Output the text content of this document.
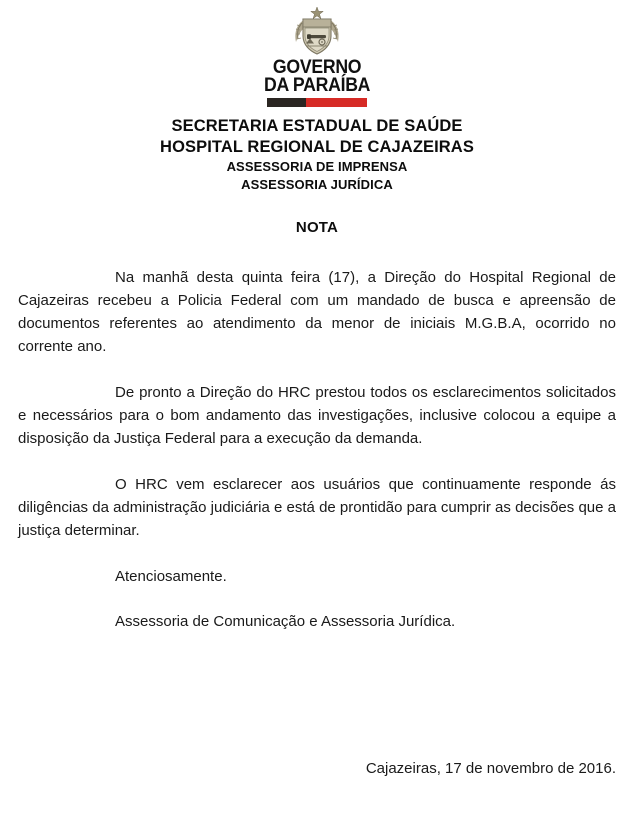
GOVERNO
DA PARAÍBA
SECRETARIA ESTADUAL DE SAÚDE
HOSPITAL REGIONAL DE CAJAZEIRAS
ASSESSORIA DE IMPRENSA
ASSESSORIA JURÍDICA
NOTA

Na manhã desta quinta feira (17), a Direção do Hospital Regional de Cajazeiras recebeu a Policia Federal com um mandado de busca e apreensão de documentos referentes ao atendimento da menor de iniciais M.G.B.A, ocorrido no corrente ano.

De pronto a Direção do HRC prestou todos os esclarecimentos solicitados e necessários para o bom andamento das investigações, inclusive colocou a equipe a disposição da Justiça Federal para a execução da demanda.

O HRC vem esclarecer aos usuários que continuamente responde ás diligências da administração judiciária e está de prontidão para cumprir as decisões que a justiça determinar.

Atenciosamente.

Assessoria de Comunicação e Assessoria Jurídica.

Cajazeiras, 17 de novembro de 2016.
